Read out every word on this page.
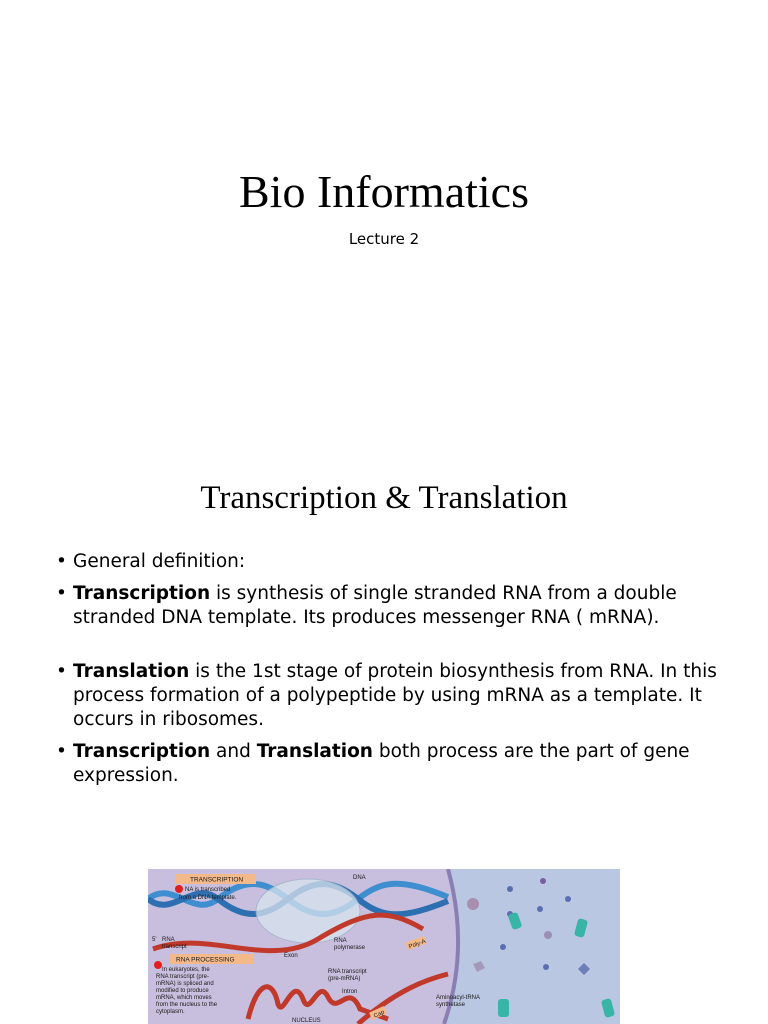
Bio Informatics
Lecture 2
Transcription & Translation
• General definition:
• Transcription is synthesis of single stranded RNA from a double stranded DNA template. Its produces messenger RNA ( mRNA).
• Translation is the 1st stage of protein biosynthesis from RNA. In this process formation of a polypeptide by using mRNA as a template. It occurs in ribosomes.
• Transcription and Translation both process are the part of gene expression.
TRANSCRIPTION
NA is transcribed
from a DNA template.
DNA
5' RNA
transcript
RNA
polymerase	Poly-A
RNA PROCESSING
Exon
In eukaryotes, the
RNA transcript (pre-
mRNA) is spliced and
modified to produce
mRNA, which moves
from the nucleus to the
cytoplasm.
RNA transcript
(pre-mRNA)
Intron
Cap
NUCLEUS
Aminoacyl-tRNA
synthetase
